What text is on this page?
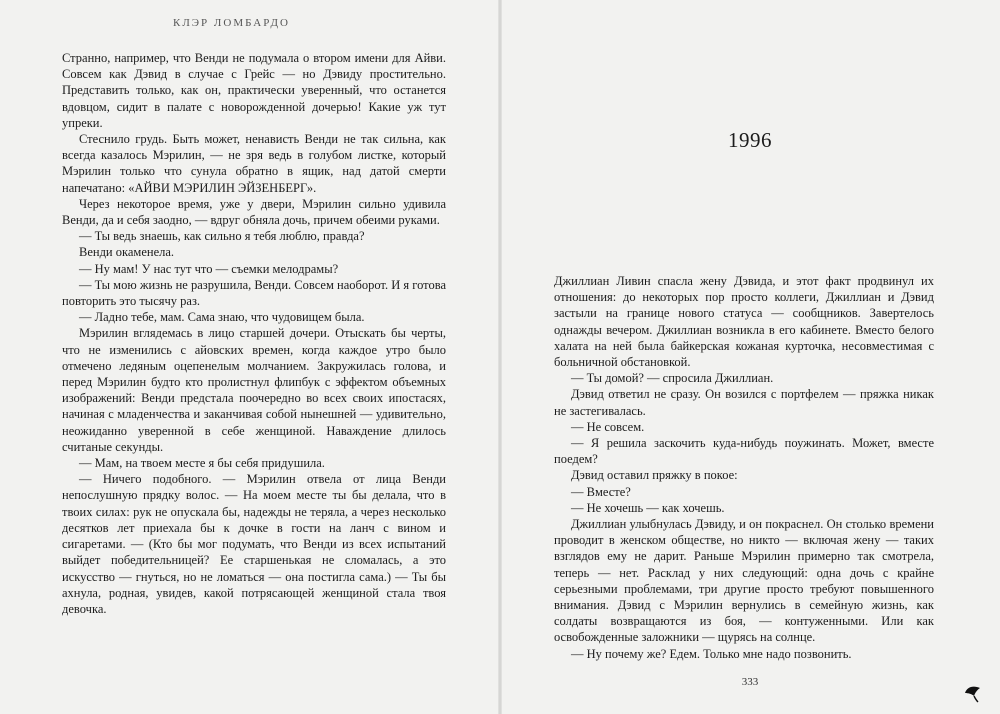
КЛЭР ЛОМБАРДО

Странно, например, что Венди не подумала о втором имени для Айви. Совсем как Дэвид в случае с Грейс — но Дэвиду простительно. Представить только, как он, практически уверенный, что останется вдовцом, сидит в палате с новорожденной дочерью! Какие уж тут упреки.

Стеснило грудь. Быть может, ненависть Венди не так сильна, как всегда казалось Мэрилин, — не зря ведь в голубом листке, который Мэрилин только что сунула обратно в ящик, над датой смерти напечатано: «АЙВИ МЭРИЛИН ЭЙЗЕНБЕРГ».

Через некоторое время, уже у двери, Мэрилин сильно удивила Венди, да и себя заодно, — вдруг обняла дочь, причем обеими руками.

— Ты ведь знаешь, как сильно я тебя люблю, правда?

Венди окаменела.

— Ну мам! У нас тут что — съемки мелодрамы?

— Ты мою жизнь не разрушила, Венди. Совсем наоборот. И я готова повторить это тысячу раз.

— Ладно тебе, мам. Сама знаю, что чудовищем была.

Мэрилин вглядемась в лицо старшей дочери. Отыскать бы черты, что не изменились с айовских времен, когда каждое утро было отмечено ледяным оцепенелым молчанием. Закружилась голова, и перед Мэрилин будто кто пролистнул флипбук с эффектом объемных изображений: Венди предстала поочередно во всех своих ипостасях, начиная с младенчества и заканчивая собой нынешней — удивительно, неожиданно уверенной в себе женщиной. Наваждение длилось считаные секунды.

— Мам, на твоем месте я бы себя придушила.

— Ничего подобного. — Мэрилин отвела от лица Венди непослушную прядку волос. — На моем месте ты бы делала, что в твоих силах: рук не опускала бы, надежды не теряла, а через несколько десятков лет приехала бы к дочке в гости на ланч с вином и сигаретами. — (Кто бы мог подумать, что Венди из всех испытаний выйдет победительницей? Ее старшенькая не сломалась, а это искусство — гнуться, но не ломаться — она постигла сама.) — Ты бы ахнула, родная, увидев, какой потрясающей женщиной стала твоя девочка.

1996

Джиллиан Ливин спасла жену Дэвида, и этот факт продвинул их отношения: до некоторых пор просто коллеги, Джиллиан и Дэвид застыли на границе нового статуса — сообщников. Завертелось однажды вечером. Джиллиан возникла в его кабинете. Вместо белого халата на ней была байкерская кожаная курточка, несовместимая с больничной обстановкой.

— Ты домой? — спросила Джиллиан.

Дэвид ответил не сразу. Он возился с портфелем — пряжка никак не застегивалась.

— Не совсем.

— Я решила заскочить куда-нибудь поужинать. Может, вместе поедем?

Дэвид оставил пряжку в покое:

— Вместе?

— Не хочешь — как хочешь.

Джиллиан улыбнулась Дэвиду, и он покраснел. Он столько времени проводит в женском обществе, но никто — включая жену — таких взглядов ему не дарит. Раньше Мэрилин примерно так смотрела, теперь — нет. Расклад у них следующий: одна дочь с крайне серьезными проблемами, три другие просто требуют повышенного внимания. Дэвид с Мэрилин вернулись в семейную жизнь, как солдаты возвращаются из боя, — контуженными. Или как освобожденные заложники — щурясь на солнце.

— Ну почему же? Едем. Только мне надо позвонить.

333
